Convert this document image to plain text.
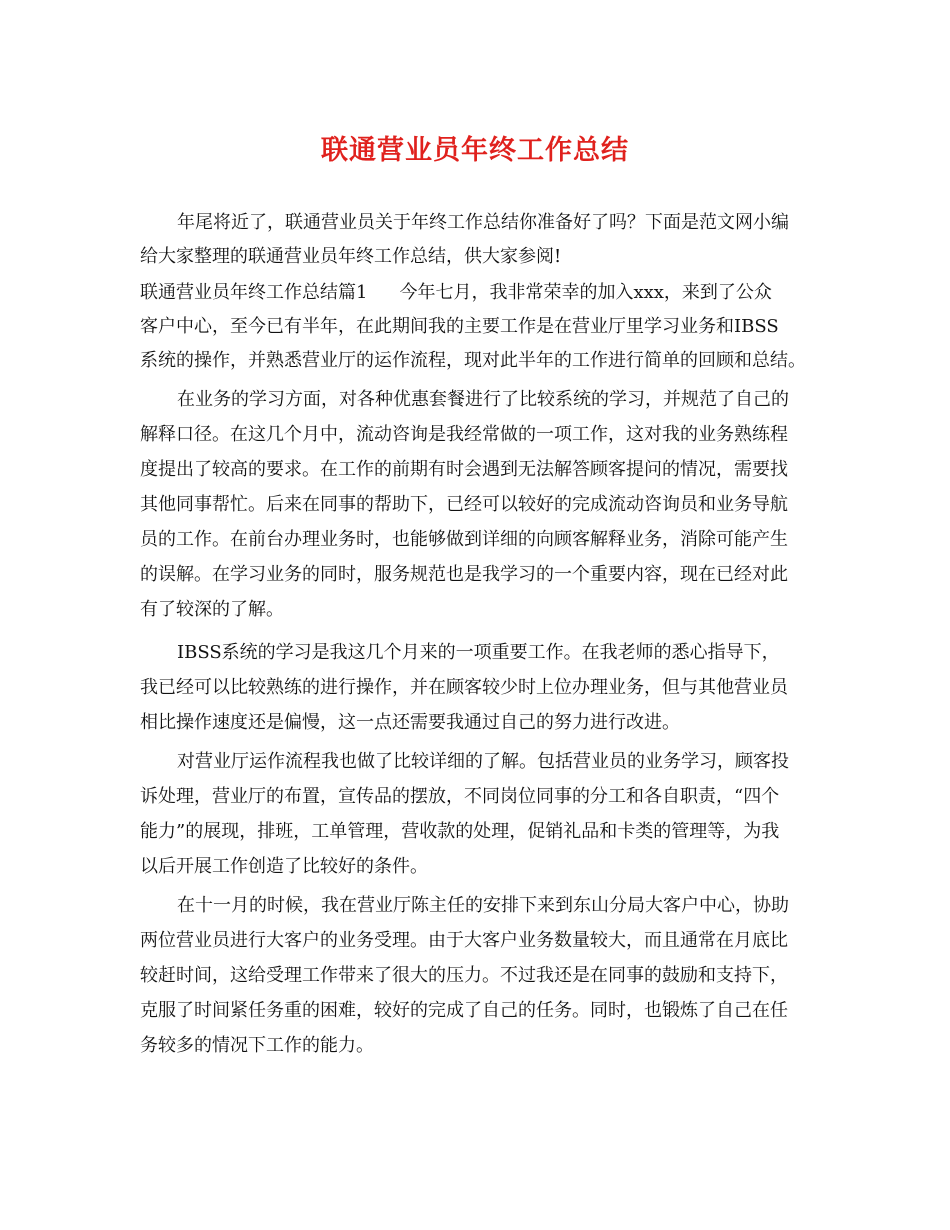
联通营业员年终工作总结
年尾将近了，联通营业员关于年终工作总结你准备好了吗？下面是范文网小编
给大家整理的联通营业员年终工作总结，供大家参阅!
联通营业员年终工作总结篇1 今年七月，我非常荣幸的加入xxx，来到了公众
客户中心，至今已有半年，在此期间我的主要工作是在营业厅里学习业务和IBSS
系统的操作，并熟悉营业厅的运作流程，现对此半年的工作进行简单的回顾和总结。
在业务的学习方面，对各种优惠套餐进行了比较系统的学习，并规范了自己的
解释口径。在这几个月中，流动咨询是我经常做的一项工作，这对我的业务熟练程
度提出了较高的要求。在工作的前期有时会遇到无法解答顾客提问的情况，需要找
其他同事帮忙。后来在同事的帮助下，已经可以较好的完成流动咨询员和业务导航
员的工作。在前台办理业务时，也能够做到详细的向顾客解释业务，消除可能产生
的误解。在学习业务的同时，服务规范也是我学习的一个重要内容，现在已经对此
有了较深的了解。
IBSS系统的学习是我这几个月来的一项重要工作。在我老师的悉心指导下，
我已经可以比较熟练的进行操作，并在顾客较少时上位办理业务，但与其他营业员
相比操作速度还是偏慢，这一点还需要我通过自己的努力进行改进。
对营业厅运作流程我也做了比较详细的了解。包括营业员的业务学习，顾客投
诉处理，营业厅的布置，宣传品的摆放，不同岗位同事的分工和各自职责，“四个
能力”的展现，排班，工单管理，营收款的处理，促销礼品和卡类的管理等，为我
以后开展工作创造了比较好的条件。
在十一月的时候，我在营业厅陈主任的安排下来到东山分局大客户中心，协助
两位营业员进行大客户的业务受理。由于大客户业务数量较大，而且通常在月底比
较赶时间，这给受理工作带来了很大的压力。不过我还是在同事的鼓励和支持下，
克服了时间紧任务重的困难，较好的完成了自己的任务。同时，也锻炼了自己在任
务较多的情况下工作的能力。
